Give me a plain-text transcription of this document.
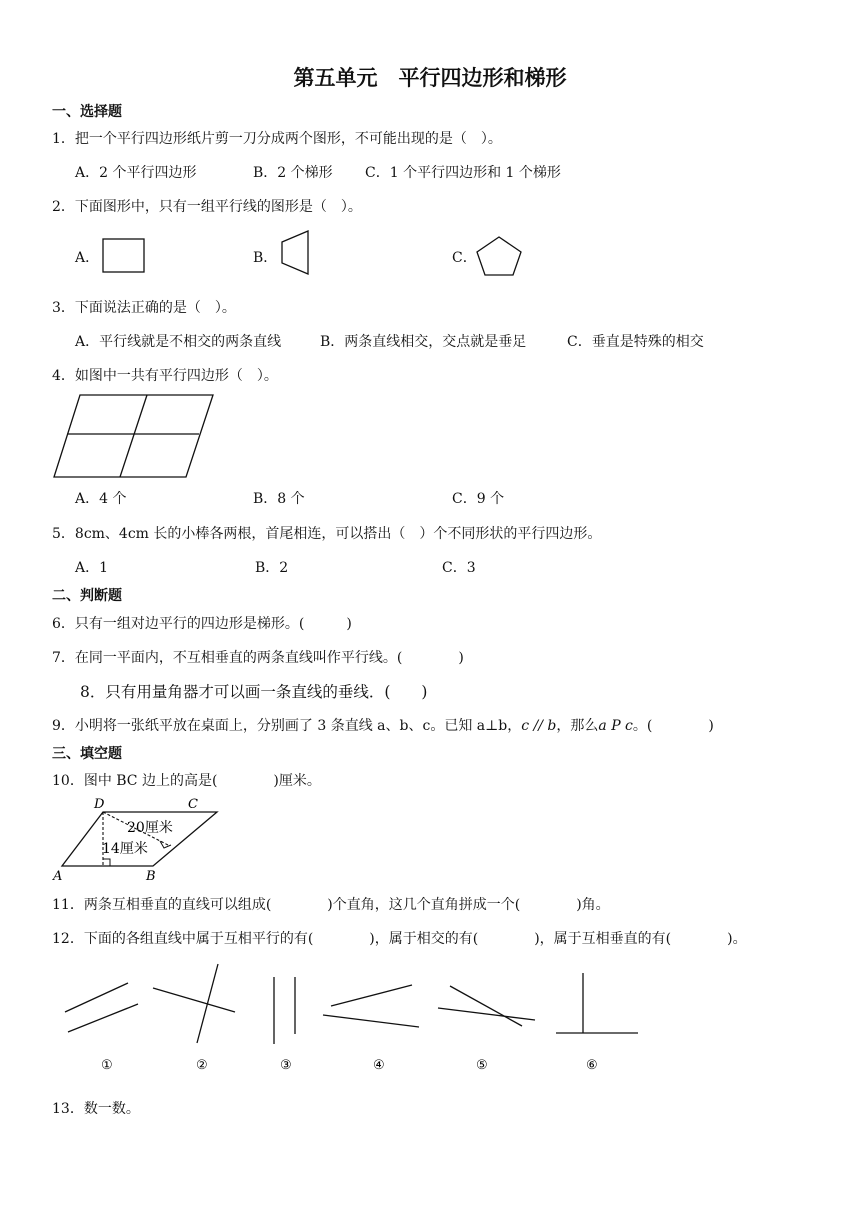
第五单元　平行四边形和梯形
一、选择题
1．把一个平行四边形纸片剪一刀分成两个图形，不可能出现的是（　）。
A．2 个平行四边形	B．2 个梯形 C．1 个平行四边形和 1 个梯形
2．下面图形中，只有一组平行线的图形是（　）。
A．	B．	C．
3．下面说法正确的是（　）。
A．平行线就是不相交的两条直线	B．两条直线相交，交点就是垂足	C．垂直是特殊的相交
4．如图中一共有平行四边形（　）。
A．4 个	B．8 个	C．9 个
5．8cm、4cm 长的小棒各两根，首尾相连，可以搭出（　）个不同形状的平行四边形。
A．1	B．2	C．3
二、判断题
6．只有一组对边平行的四边形是梯形。(　　　)
7．在同一平面内，不互相垂直的两条直线叫作平行线。(　　　　)
8．只有用量角器才可以画一条直线的垂线．(　　)
9．小明将一张纸平放在桌面上，分别画了 3 条直线 a、b、c。已知 a⊥b，c // b，那么a P c。(　　　　)
三、填空题
10．图中 BC 边上的高是(　　　　)厘米。
D	C
A	B
20厘米
14厘米
11．两条互相垂直的直线可以组成(　　　　)个直角，这几个直角拼成一个(　　　　)角。
12．下面的各组直线中属于互相平行的有(　　　　)，属于相交的有(　　　　)，属于互相垂直的有(　　　　)。
①	②	③	④	⑤	⑥
13．数一数。
